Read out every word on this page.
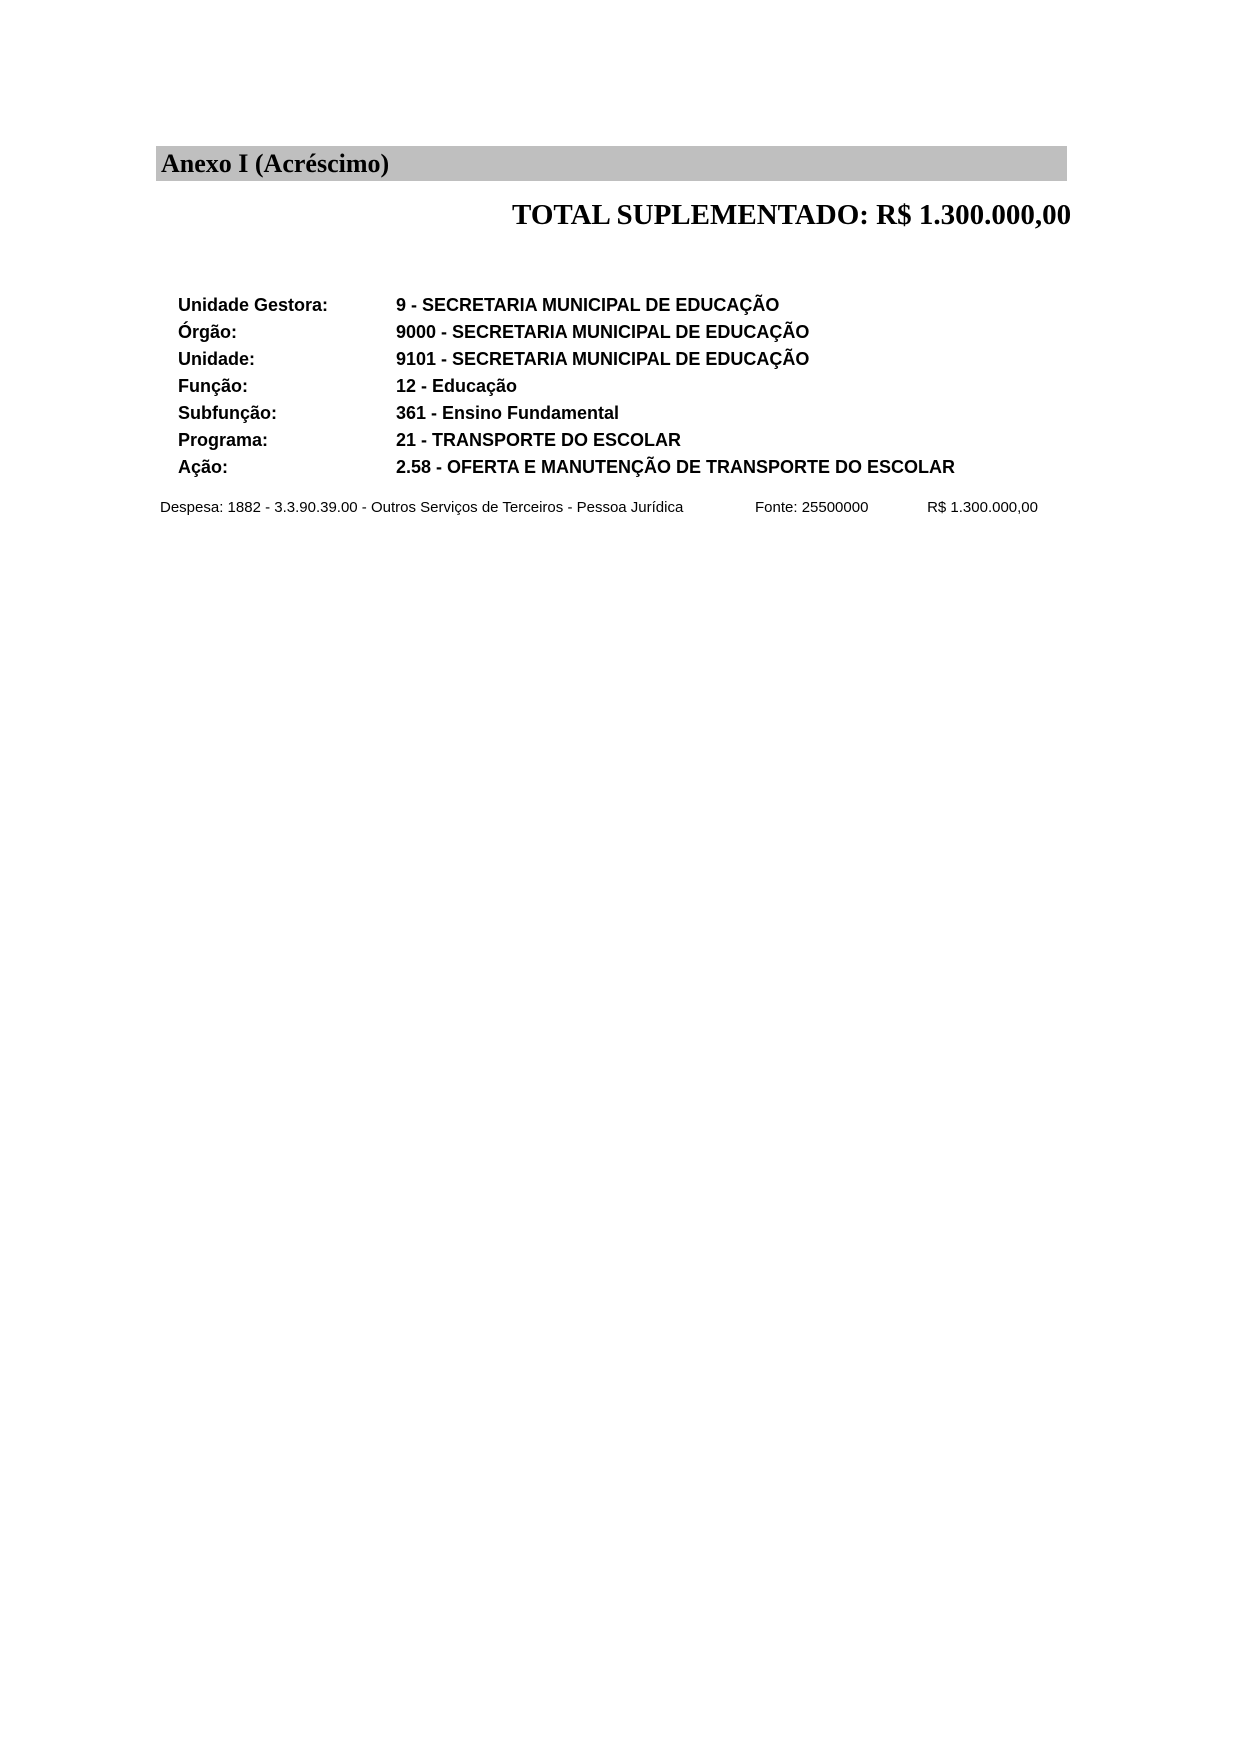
Anexo I (Acréscimo)
TOTAL SUPLEMENTADO: R$ 1.300.000,00
Unidade Gestora:	9 - SECRETARIA MUNICIPAL DE EDUCAÇÃO
Órgão:	9000 - SECRETARIA MUNICIPAL DE EDUCAÇÃO
Unidade:	9101 - SECRETARIA MUNICIPAL DE EDUCAÇÃO
Função:	12 - Educação
Subfunção:	361 - Ensino Fundamental
Programa:	21 - TRANSPORTE DO ESCOLAR
Ação:	2.58 - OFERTA E MANUTENÇÃO DE TRANSPORTE DO ESCOLAR
Despesa: 1882 - 3.3.90.39.00 - Outros Serviços de Terceiros - Pessoa Jurídica	Fonte: 25500000	R$ 1.300.000,00
